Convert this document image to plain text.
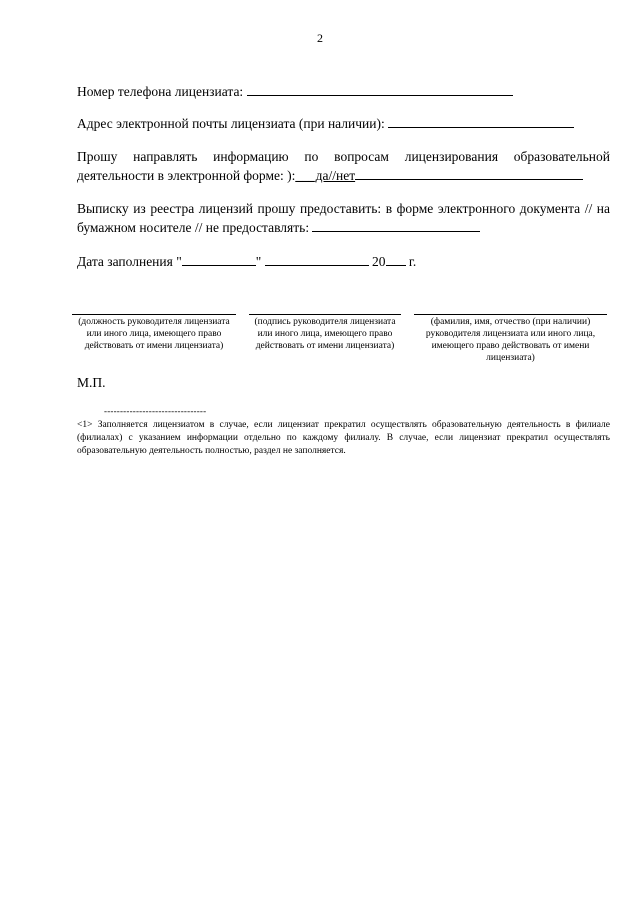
2
Номер телефона лицензиата:
Адрес электронной почты лицензиата (при наличии):
Прошу направлять информацию по вопросам лицензирования образовательной деятельности в электронной форме: ):___да//нет
Выписку из реестра лицензий прошу предоставить: в форме электронного документа // на бумажном носителе // не предоставлять:
Дата заполнения "	"	20 г.
(должность руководителя лицензиата или иного лица, имеющего право действовать от имени лицензиата)
(подпись руководителя лицензиата или иного лица, имеющего право действовать от имени лицензиата)
(фамилия, имя, отчество (при наличии) руководителя лицензиата или иного лица, имеющего право действовать от имени лицензиата)
М.П.
--------------------------------
<1> Заполняется лицензиатом в случае, если лицензиат прекратил осуществлять образовательную деятельность в филиале (филиалах) с указанием информации отдельно по каждому филиалу. В случае, если лицензиат прекратил осуществлять образовательную деятельность полностью, раздел не заполняется.
